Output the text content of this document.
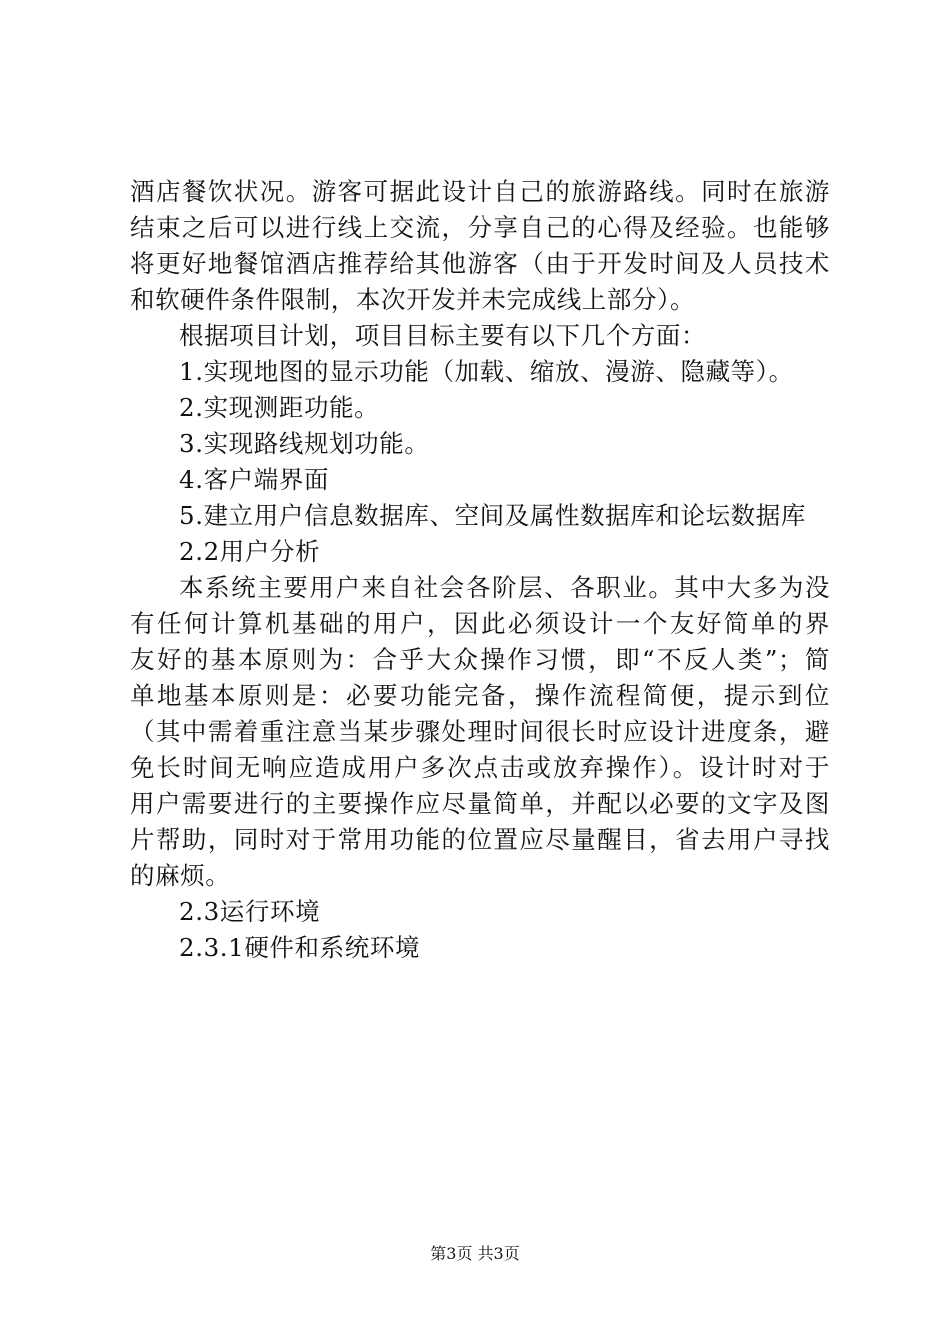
酒店餐饮状况。游客可据此设计自己的旅游路线。同时在旅游
结束之后可以进行线上交流，分享自己的心得及经验。也能够
将更好地餐馆酒店推荐给其他游客（由于开发时间及人员技术
和软硬件条件限制，本次开发并未完成线上部分）。
根据项目计划，项目目标主要有以下几个方面：
1.实现地图的显示功能（加载、缩放、漫游、隐藏等）。
2.实现测距功能。
3.实现路线规划功能。
4.客户端界面
5.建立用户信息数据库、空间及属性数据库和论坛数据库
2.2用户分析
本系统主要用户来自社会各阶层、各职业。其中大多为没
有任何计算机基础的用户，因此必须设计一个友好简单的界
友好的基本原则为：合乎大众操作习惯，即“不反人类”；简
单地基本原则是：必要功能完备，操作流程简便，提示到位
（其中需着重注意当某步骤处理时间很长时应设计进度条，避
免长时间无响应造成用户多次点击或放弃操作）。设计时对于
用户需要进行的主要操作应尽量简单，并配以必要的文字及图
片帮助，同时对于常用功能的位置应尽量醒目，省去用户寻找
的麻烦。
2.3运行环境
2.3.1硬件和系统环境
第3页 共3页
